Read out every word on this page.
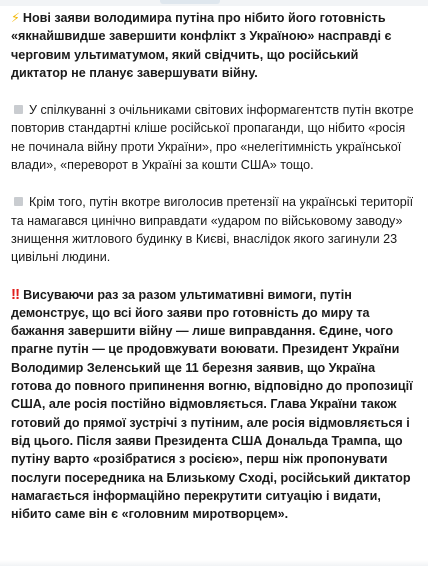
⚡ Нові заяви володимира путіна про нібито його готовність «якнайшвидше завершити конфлікт з Україною» насправді є черговим ультиматумом, який свідчить, що російський диктатор не планує завершувати війну.

У спілкуванні з очільниками світових інформагентств путін вкотре повторив стандартні кліше російської пропаганди, що нібито «росія не починала війну проти України», про «нелегітимність української влади», «переворот в Україні за кошти США» тощо.

Крім того, путін вкотре виголосив претензії на українські території та намагався цинічно виправдати «ударом по військовому заводу» знищення житлового будинку в Києві, внаслідок якого загинули 23 цивільні людини.

‼ Висуваючи раз за разом ультимативні вимоги, путін демонструє, що всі його заяви про готовність до миру та бажання завершити війну — лише виправдання. Єдине, чого прагне путін — це продовжувати воювати. Президент України Володимир Зеленський ще 11 березня заявив, що Україна готова до повного припинення вогню, відповідно до пропозиції США, але росія постійно відмовляється. Глава України також готовий до прямої зустрічі з путіним, але росія відмовляється і від цього. Після заяви Президента США Дональда Трампа, що путіну варто «розібратися з росією», перш ніж пропонувати послуги посередника на Близькому Сході, російський диктатор намагається інформаційно перекрутити ситуацію і видати, нібито саме він є «головним миротворцем».
